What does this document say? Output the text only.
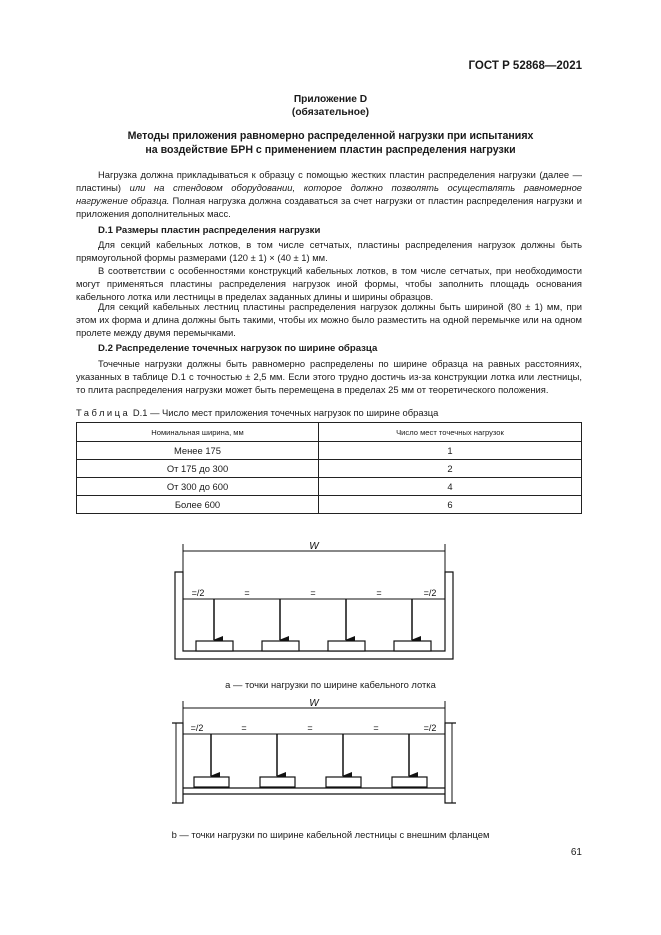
ГОСТ Р 52868—2021
Приложение D
(обязательное)
Методы приложения равномерно распределенной нагрузки при испытаниях
на воздействие БРН с применением пластин распределения нагрузки

Нагрузка должна прикладываться к образцу с помощью жестких пластин распределения нагрузки (далее — пластины) или на стендовом оборудовании, которое должно позволять осуществлять равномерное нагружение образца. Полная нагрузка должна создаваться за счет нагрузки от пластин распределения нагрузки и приложения дополнительных масс.

D.1 Размеры пластин распределения нагрузки

Для секций кабельных лотков, в том числе сетчатых, пластины распределения нагрузок должны быть прямоугольной формы размерами (120 ± 1) × (40 ± 1) мм.

В соответствии с особенностями конструкций кабельных лотков, в том числе сетчатых, при необходимости могут применяться пластины распределения нагрузок иной формы, чтобы заполнить площадь основания кабельного лотка или лестницы в пределах заданных длины и ширины образцов.

Для секций кабельных лестниц пластины распределения нагрузок должны быть шириной (80 ± 1) мм, при этом их форма и длина должны быть такими, чтобы их можно было разместить на одной перемычке или на одном пролете между двумя перемычками.

D.2 Распределение точечных нагрузок по ширине образца

Точечные нагрузки должны быть равномерно распределены по ширине образца на равных расстояниях, указанных в таблице D.1 с точностью ± 2,5 мм. Если этого трудно достичь из-за конструкции лотка или лестницы, то плита распределения нагрузки может быть перемещена в пределах 25 мм от теоретического положения.

Таблица D.1 — Число мест приложения точечных нагрузок по ширине образца
Номинальная ширина, мм	Число мест точечных нагрузок
Менее 175	1
От 175 до 300	2
От 300 до 600	4
Более 600	6
W
=/2	=	=	=	=/2
а — точки нагрузки по ширине кабельного лотка
W
=/2	=	=	=	=/2
b — точки нагрузки по ширине кабельной лестницы с внешним фланцем
61
